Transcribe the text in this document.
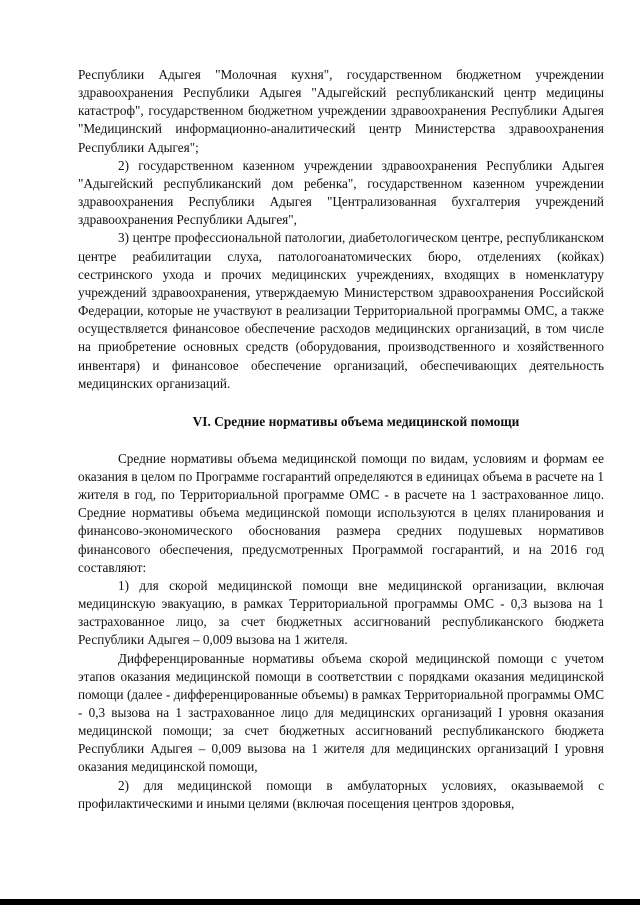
Республики Адыгея "Молочная кухня", государственном бюджетном учреждении здравоохранения Республики Адыгея "Адыгейский республиканский центр медицины катастроф", государственном бюджетном учреждении здравоохранения Республики Адыгея "Медицинский информационно-аналитический центр Министерства здравоохранения Республики Адыгея";

2) государственном казенном учреждении здравоохранения Республики Адыгея "Адыгейский республиканский дом ребенка", государственном казенном учреждении здравоохранения Республики Адыгея "Централизованная бухгалтерия учреждений здравоохранения Республики Адыгея",

3) центре профессиональной патологии, диабетологическом центре, республиканском центре реабилитации слуха, патологоанатомических бюро, отделениях (койках) сестринского ухода и прочих медицинских учреждениях, входящих в номенклатуру учреждений здравоохранения, утверждаемую Министерством здравоохранения Российской Федерации, которые не участвуют в реализации Территориальной программы ОМС, а также осуществляется финансовое обеспечение расходов медицинских организаций, в том числе на приобретение основных средств (оборудования, производственного и хозяйственного инвентаря) и финансовое обеспечение организаций, обеспечивающих деятельность медицинских организаций.

VI. Средние нормативы объема медицинской помощи

Средние нормативы объема медицинской помощи по видам, условиям и формам ее оказания в целом по Программе госгарантий определяются в единицах объема в расчете на 1 жителя в год, по Территориальной программе ОМС - в расчете на 1 застрахованное лицо. Средние нормативы объема медицинской помощи используются в целях планирования и финансово-экономического обоснования размера средних подушевых нормативов финансового обеспечения, предусмотренных Программой госгарантий, и на 2016 год составляют:

1) для скорой медицинской помощи вне медицинской организации, включая медицинскую эвакуацию, в рамках Территориальной программы ОМС - 0,3 вызова на 1 застрахованное лицо, за счет бюджетных ассигнований республиканского бюджета Республики Адыгея – 0,009 вызова на 1 жителя.

Дифференцированные нормативы объема скорой медицинской помощи с учетом этапов оказания медицинской помощи в соответствии с порядками оказания медицинской помощи (далее - дифференцированные объемы) в рамках Территориальной программы ОМС - 0,3 вызова на 1 застрахованное лицо для медицинских организаций I уровня оказания медицинской помощи; за счет бюджетных ассигнований республиканского бюджета Республики Адыгея – 0,009 вызова на 1 жителя для медицинских организаций I уровня оказания медицинской помощи,

2) для медицинской помощи в амбулаторных условиях, оказываемой с профилактическими и иными целями (включая посещения центров здоровья,
